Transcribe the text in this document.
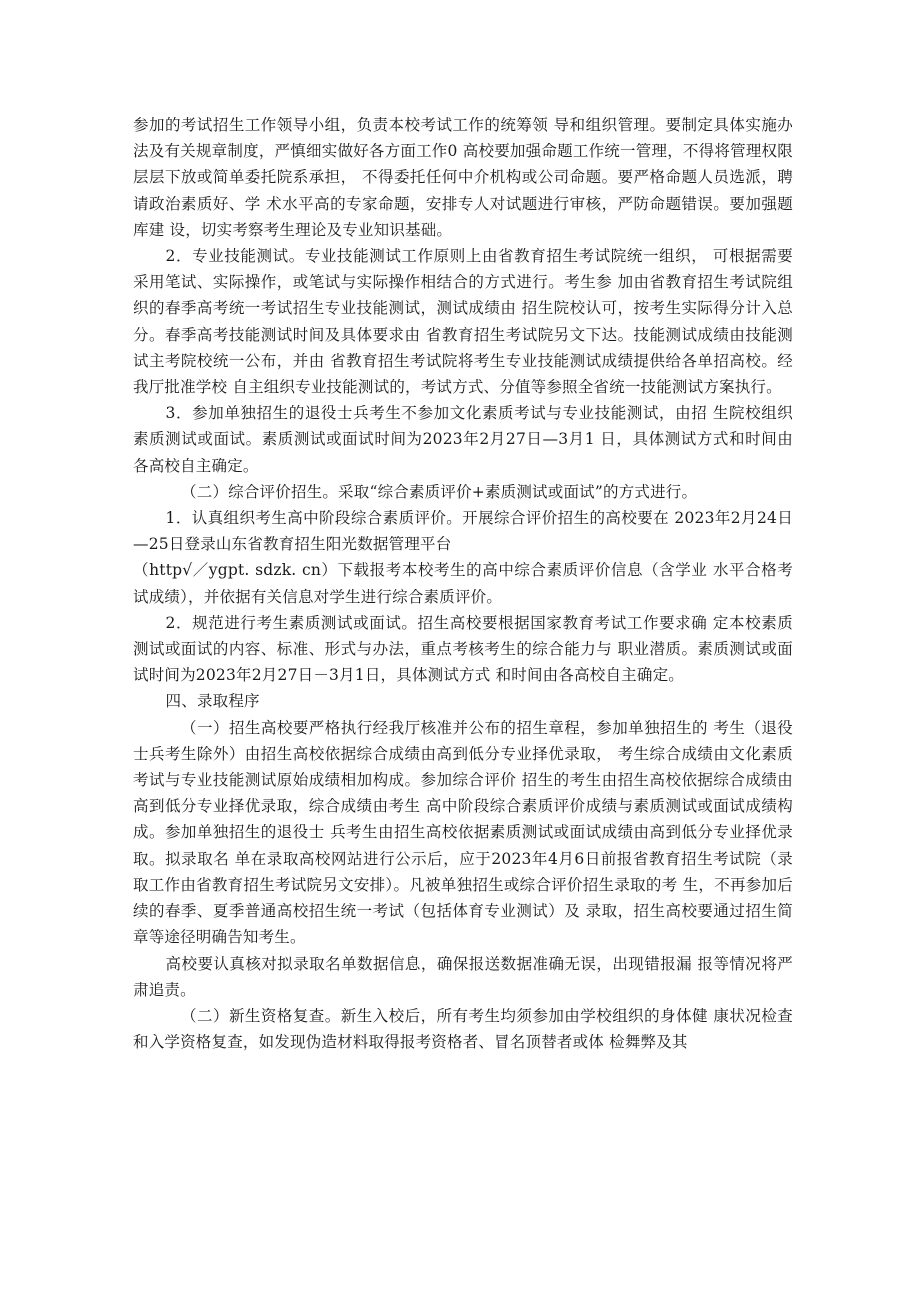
参加的考试招生工作领导小组，负责本校考试工作的统筹领 导和组织管理。要制定具体实施办法及有关规章制度，严慎细实做好各方面工作0 高校要加强命题工作统一管理，不得将管理权限层层下放或简单委托院系承担， 不得委托任何中介机构或公司命题。要严格命题人员选派，聘请政治素质好、学 术水平高的专家命题，安排专人对试题进行审核，严防命题错误。要加强题库建 设，切实考察考生理论及专业知识基础。

2．专业技能测试。专业技能测试工作原则上由省教育招生考试院统一组织， 可根据需要采用笔试、实际操作，或笔试与实际操作相结合的方式进行。考生参 加由省教育招生考试院组织的春季高考统一考试招生专业技能测试，测试成绩由 招生院校认可，按考生实际得分计入总分。春季高考技能测试时间及具体要求由 省教育招生考试院另文下达。技能测试成绩由技能测试主考院校统一公布，并由 省教育招生考试院将考生专业技能测试成绩提供给各单招高校。经我厅批准学校 自主组织专业技能测试的，考试方式、分值等参照全省统一技能测试方案执行。

3．参加单独招生的退役士兵考生不参加文化素质考试与专业技能测试，由招 生院校组织素质测试或面试。素质测试或面试时间为2023年2月27日—3月1 日，具体测试方式和时间由各高校自主确定。

（二）综合评价招生。采取“综合素质评价+素质测试或面试”的方式进行。

1．认真组织考生高中阶段综合素质评价。开展综合评价招生的高校要在 2023年2月24日—25日登录山东省教育招生阳光数据管理平台

（http√／ygpt. sdzk. cn）下载报考本校考生的高中综合素质评价信息（含学业 水平合格考试成绩），并依据有关信息对学生进行综合素质评价。

2．规范进行考生素质测试或面试。招生高校要根据国家教育考试工作要求确 定本校素质测试或面试的内容、标准、形式与办法，重点考核考生的综合能力与 职业潜质。素质测试或面试时间为2023年2月27日－3月1日，具体测试方式 和时间由各高校自主确定。

四、录取程序

（一）招生高校要严格执行经我厅核准并公布的招生章程，参加单独招生的 考生（退役士兵考生除外）由招生高校依据综合成绩由高到低分专业择优录取， 考生综合成绩由文化素质考试与专业技能测试原始成绩相加构成。参加综合评价 招生的考生由招生高校依据综合成绩由高到低分专业择优录取，综合成绩由考生 高中阶段综合素质评价成绩与素质测试或面试成绩构成。参加单独招生的退役士 兵考生由招生高校依据素质测试或面试成绩由高到低分专业择优录取。拟录取名 单在录取高校网站进行公示后，应于2023年4月6日前报省教育招生考试院（录 取工作由省教育招生考试院另文安排）。凡被单独招生或综合评价招生录取的考 生，不再参加后续的春季、夏季普通高校招生统一考试（包括体育专业测试）及 录取，招生高校要通过招生简章等途径明确告知考生。

高校要认真核对拟录取名单数据信息，确保报送数据准确无误，出现错报漏 报等情况将严肃追责。

（二）新生资格复查。新生入校后，所有考生均须参加由学校组织的身体健 康状况检查和入学资格复查，如发现伪造材料取得报考资格者、冒名顶替者或体 检舞弊及其
